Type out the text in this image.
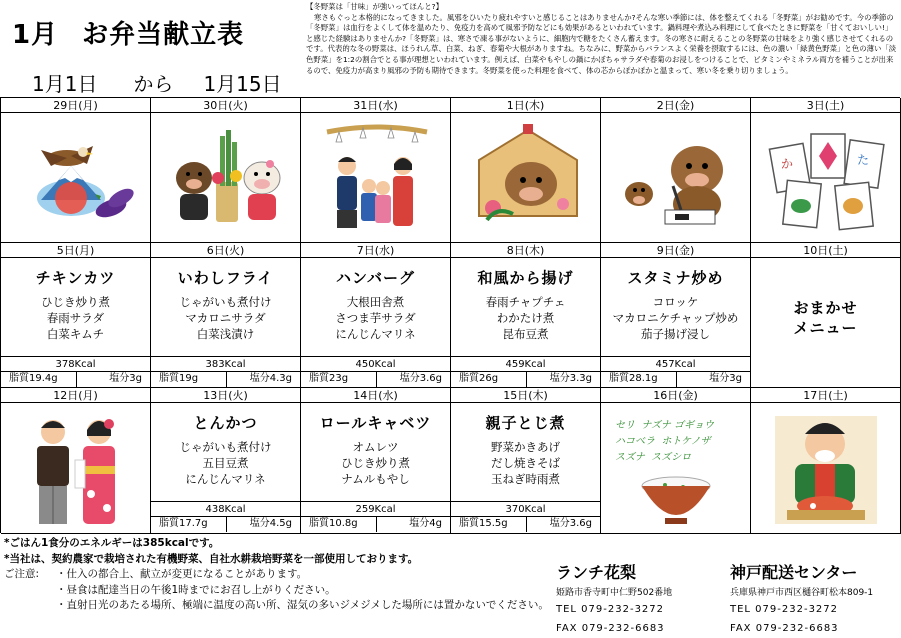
1月 お弁当献立表
1月1日 から 1月15日
【冬野菜は「甘味」が強いってほんと?】
寒さもぐっと本格的になってきました。風邪をひいたり疲れやすいと感じることはありませんか?そんな寒い季節には、体を整えてくれる「冬野菜」がお勧めです。今の季節の「冬野菜」は血行をよくして体を温めたり、免疫力を高めて風邪予防などにも効果があるといわれています。鍋料理や煮込み料理にして食べたときに野菜を「甘くておいしい!」と感じた経験はありませんか?「冬野菜」は、寒さで凍る事がないように、細胞内で糖をたくさん蓄えます。冬の寒さに耐えることの冬野菜の甘味をより強く感じさせてくれるのです。代表的な冬の野菜は、ほうれん草、白菜、ねぎ、春菊や大根がありますね。ちなみに、野菜からバランスよく栄養を摂取するには、色の濃い「緑黄色野菜」と色の薄い「淡色野菜」を1:2の割合でとる事が理想といわれています。例えば、白菜やもやしの鍋にかぼちゃサラダや春菊のお浸しをつけることで、ビタミンやミネラル両方を補うことが出来るので、免疫力が高まり風邪の予防も期待できます。冬野菜を使った料理を食べて、体の芯からぽかぽかと温まって、寒い冬を乗り切りましょう。
29日(月)	30日(火)	31日(水)	1日(木)	2日(金)	3日(土)
か	た
5日(月)
チキンカツ
ひじき炒り煮
春雨サラダ
白菜キムチ
378Kcal
脂質19.4g	塩分3g
6日(火)
いわしフライ
じゃがいも煮付け
マカロニサラダ
白菜浅漬け
383Kcal
脂質19g	塩分4.3g
7日(水)
ハンバーグ
大根田舎煮
さつま芋サラダ
にんじんマリネ
450Kcal
脂質23g	塩分3.6g
8日(木)
和風から揚げ
春雨チャプチェ
わかたけ煮
昆布豆煮
459Kcal
脂質26g	塩分3.3g
9日(金)
スタミナ炒め
コロッケ
マカロニケチャップ炒め
茄子揚げ浸し
457Kcal
脂質28.1g	塩分3g
10日(土)
おまかせ
メニュー
12日(月)	13日(火)
とんかつ
じゃがいも煮付け
五目豆煮
にんじんマリネ
438Kcal
脂質17.7g	塩分4.5g
14日(水)
ロールキャベツ
オムレツ
ひじき炒り煮
ナムルもやし
259Kcal
脂質10.8g	塩分4g
15日(木)
親子とじ煮
野菜かきあげ
だし焼きそば
玉ねぎ時雨煮
370Kcal
脂質15.5g	塩分3.6g
16日(金)
セリ ナズナ ゴギョウ
ハコベラ ホトケノザ
スズナ スズシロ
17日(土)
*ごはん1食分のエネルギーは385kcalです。
*当社は、契約農家で栽培された有機野菜、自社水耕栽培野菜を一部使用しております。
ご注意:	・仕入の都合上、献立が変更になることがあります。
・昼食は配達当日の午後1時までにお召し上がりください。
・直射日光のあたる場所、極端に温度の高い所、湿気の多いジメジメした場所には置かないでください。
ランチ花梨
姫路市香寺町中仁野502番地
TEL 079-232-3272
FAX 079-232-6683
神戸配送センター
兵庫県神戸市西区樋谷町松本809-1
TEL 079-232-3272
FAX 079-232-6683
